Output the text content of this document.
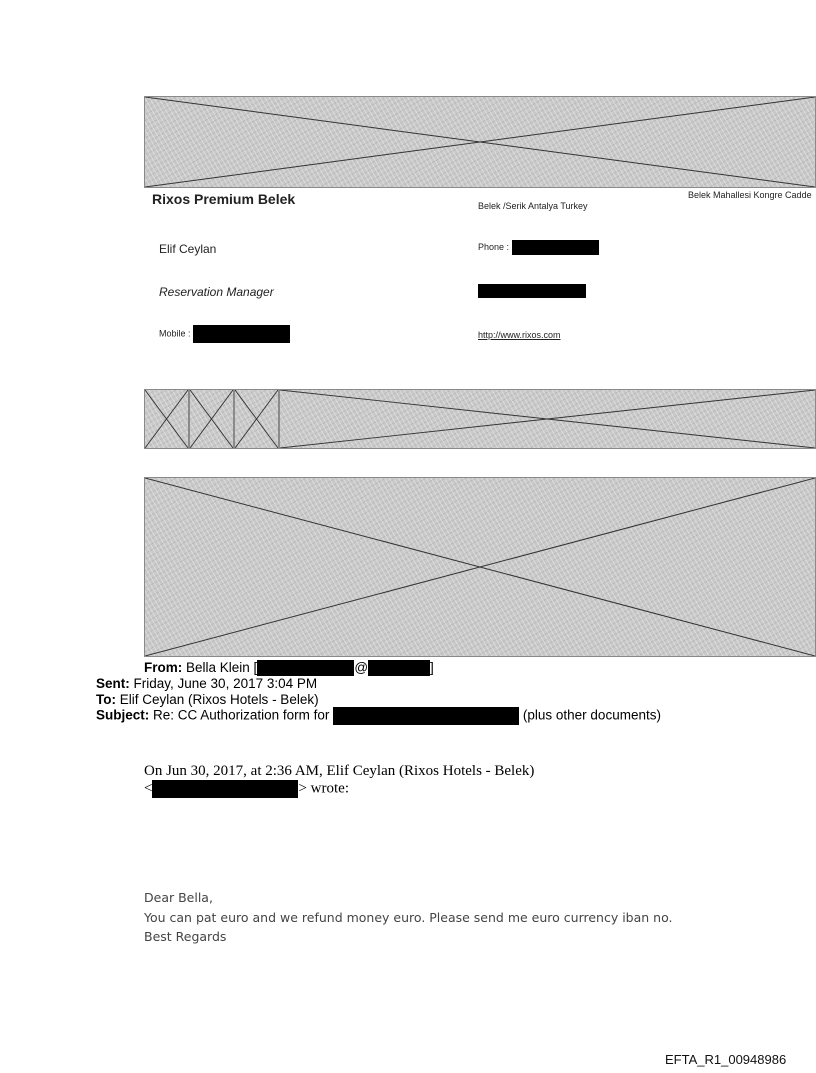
Rixos Premium Belek	Belek Mahallesi Kongre Cadde
Belek /Serik Antalya Turkey
Elif Ceylan	Phone :
Reservation Manager
Mobile :	http://www.rixos.com
From: Bella Klein [	@	]
Sent: Friday, June 30, 2017 3:04 PM
To: Elif Ceylan (Rixos Hotels - Belek)
Subject: Re: CC Authorization form for	(plus other documents)
On Jun 30, 2017, at 2:36 AM, Elif Ceylan (Rixos Hotels - Belek)
<	> wrote:
Dear Bella,
You can pat euro and we refund money euro. Please send me euro currency iban no.
Best Regards
EFTA_R1_00948986
